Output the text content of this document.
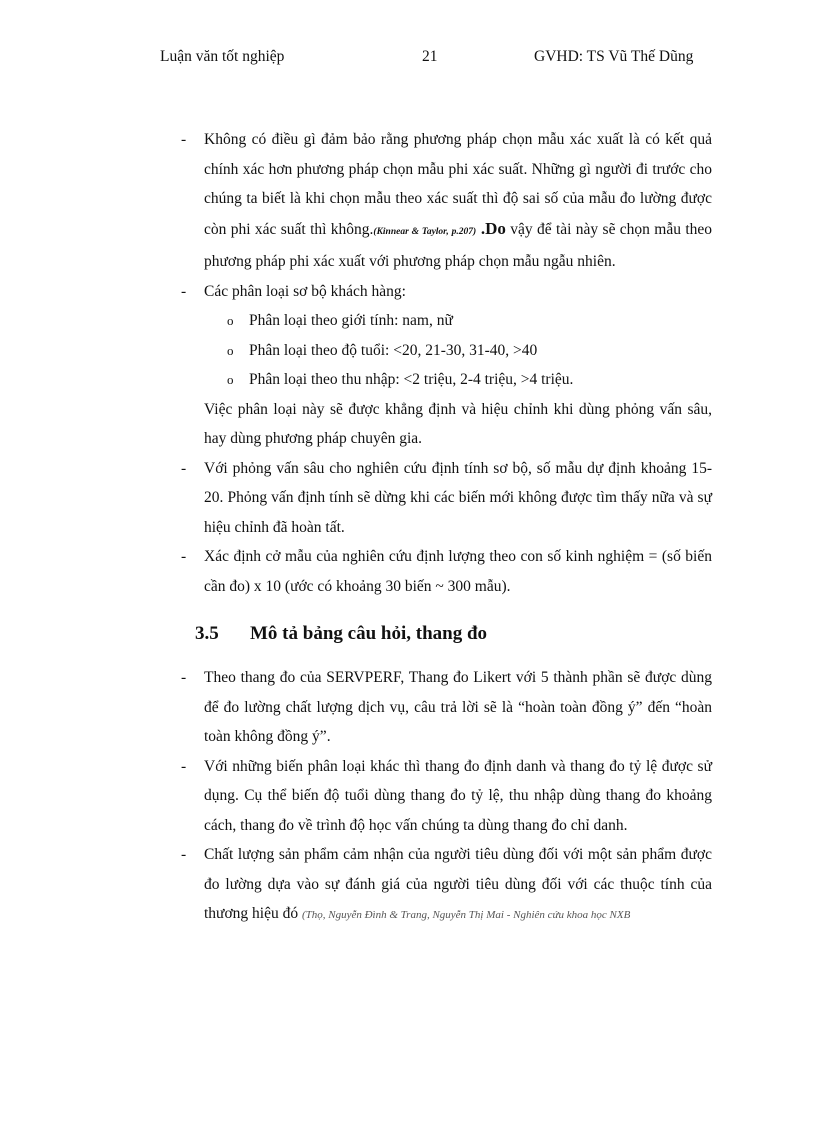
Luận văn tốt nghiệp	21	GVHD: TS Vũ Thế Dũng
- Không có điều gì đảm bảo rằng phương pháp chọn mẫu xác xuất là có kết quả chính xác hơn phương pháp chọn mẫu phi xác suất. Những gì người đi trước cho chúng ta biết là khi chọn mẫu theo xác suất thì độ sai số của mẫu đo lường được còn phi xác suất thì không.(Kinnear & Taylor, p.207) .Do vậy để tài này sẽ chọn mẫu theo phương pháp phi xác xuất với phương pháp chọn mẫu ngẫu nhiên.
- Các phân loại sơ bộ khách hàng:
o Phân loại theo giới tính: nam, nữ
o Phân loại theo độ tuổi: <20, 21-30, 31-40, >40
o Phân loại theo thu nhập: <2 triệu, 2-4 triệu, >4 triệu.
Việc phân loại này sẽ được khẳng định và hiệu chỉnh khi dùng phỏng vấn sâu, hay dùng phương pháp chuyên gia.
- Với phỏng vấn sâu cho nghiên cứu định tính sơ bộ, số mẫu dự định khoảng 15-20. Phỏng vấn định tính sẽ dừng khi các biến mới không được tìm thấy nữa và sự hiệu chỉnh đã hoàn tất.
- Xác định cở mẫu của nghiên cứu định lượng theo con số kinh nghiệm = (số biến cần đo) x 10 (ước có khoảng 30 biến ~ 300 mẫu).
3.5 Mô tả bảng câu hỏi, thang đo
- Theo thang đo của SERVPERF, Thang đo Likert với 5 thành phần sẽ được dùng để đo lường chất lượng dịch vụ, câu trả lời sẽ là “hoàn toàn đồng ý” đến “hoàn toàn không đồng ý”.
- Với những biến phân loại khác thì thang đo định danh và thang đo tỷ lệ được sử dụng. Cụ thể biến độ tuổi dùng thang đo tỷ lệ, thu nhập dùng thang đo khoảng cách, thang đo về trình độ học vấn chúng ta dùng thang đo chỉ danh.
- Chất lượng sản phẩm cảm nhận của người tiêu dùng đối với một sản phẩm được đo lường dựa vào sự đánh giá của người tiêu dùng đối với các thuộc tính của thương hiệu đó (Thọ, Nguyễn Đình & Trang, Nguyễn Thị Mai - Nghiên cứu khoa học NXB
